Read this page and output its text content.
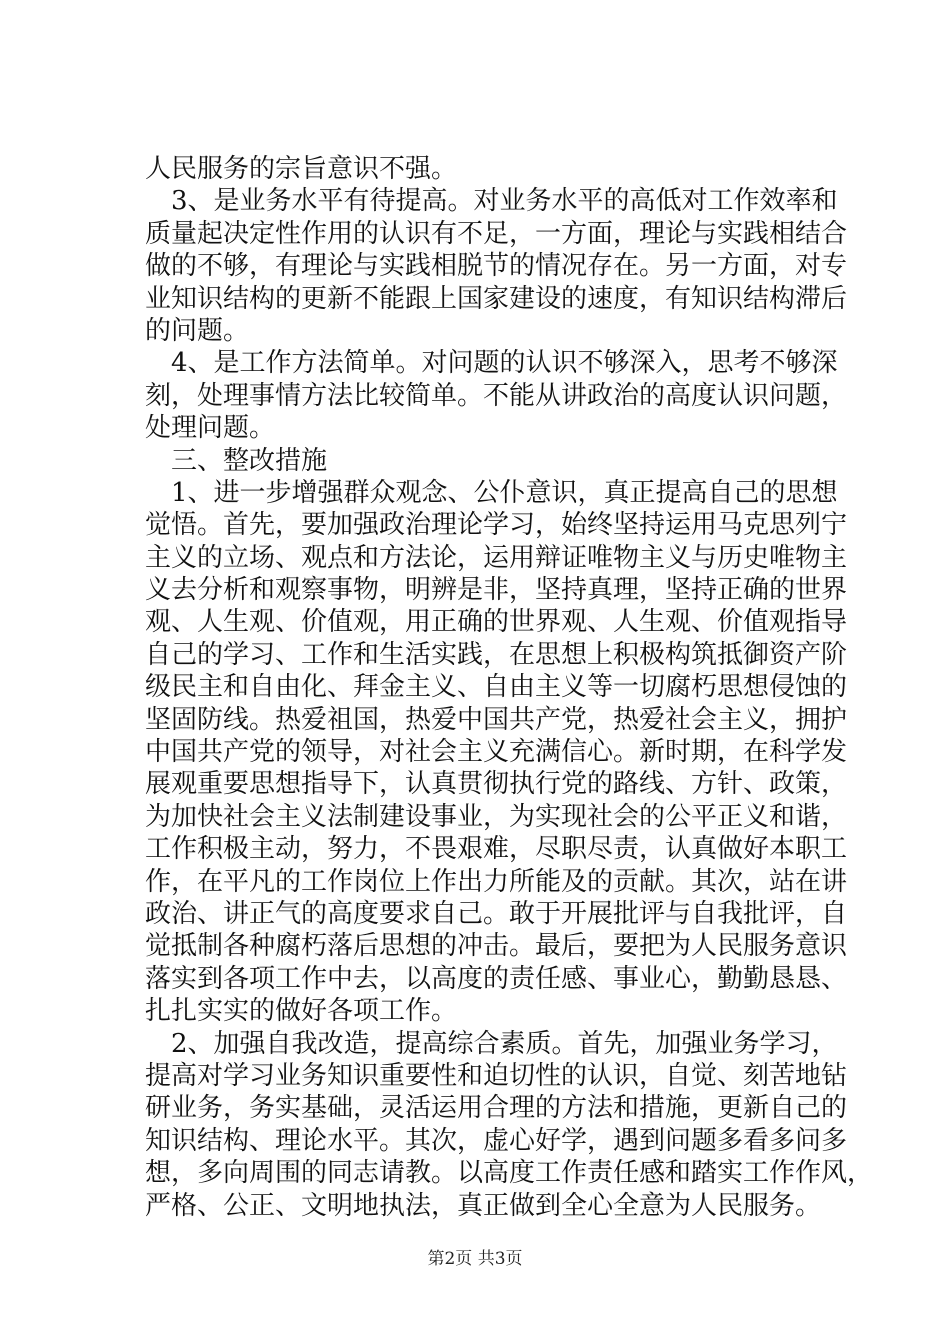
人民服务的宗旨意识不强。
3、是业务水平有待提高。对业务水平的高低对工作效率和
质量起决定性作用的认识有不足，一方面，理论与实践相结合
做的不够，有理论与实践相脱节的情况存在。另一方面，对专
业知识结构的更新不能跟上国家建设的速度，有知识结构滞后
的问题。
4、是工作方法简单。对问题的认识不够深入，思考不够深
刻，处理事情方法比较简单。不能从讲政治的高度认识问题，
处理问题。
三、整改措施
1、进一步增强群众观念、公仆意识，真正提高自己的思想
觉悟。首先，要加强政治理论学习，始终坚持运用马克思列宁
主义的立场、观点和方法论，运用辩证唯物主义与历史唯物主
义去分析和观察事物，明辨是非，坚持真理，坚持正确的世界
观、人生观、价值观，用正确的世界观、人生观、价值观指导
自己的学习、工作和生活实践，在思想上积极构筑抵御资产阶
级民主和自由化、拜金主义、自由主义等一切腐朽思想侵蚀的
坚固防线。热爱祖国，热爱中国共产党，热爱社会主义，拥护
中国共产党的领导，对社会主义充满信心。新时期，在科学发
展观重要思想指导下，认真贯彻执行党的路线、方针、政策，
为加快社会主义法制建设事业，为实现社会的公平正义和谐，
工作积极主动，努力，不畏艰难，尽职尽责，认真做好本职工
作，在平凡的工作岗位上作出力所能及的贡献。其次，站在讲
政治、讲正气的高度要求自己。敢于开展批评与自我批评，自
觉抵制各种腐朽落后思想的冲击。最后，要把为人民服务意识
落实到各项工作中去，以高度的责任感、事业心，勤勤恳恳、
扎扎实实的做好各项工作。
2、加强自我改造，提高综合素质。首先，加强业务学习，
提高对学习业务知识重要性和迫切性的认识，自觉、刻苦地钻
研业务，务实基础，灵活运用合理的方法和措施，更新自己的
知识结构、理论水平。其次，虚心好学，遇到问题多看多问多
想，多向周围的同志请教。以高度工作责任感和踏实工作作风，
严格、公正、文明地执法，真正做到全心全意为人民服务。
第2页 共3页
